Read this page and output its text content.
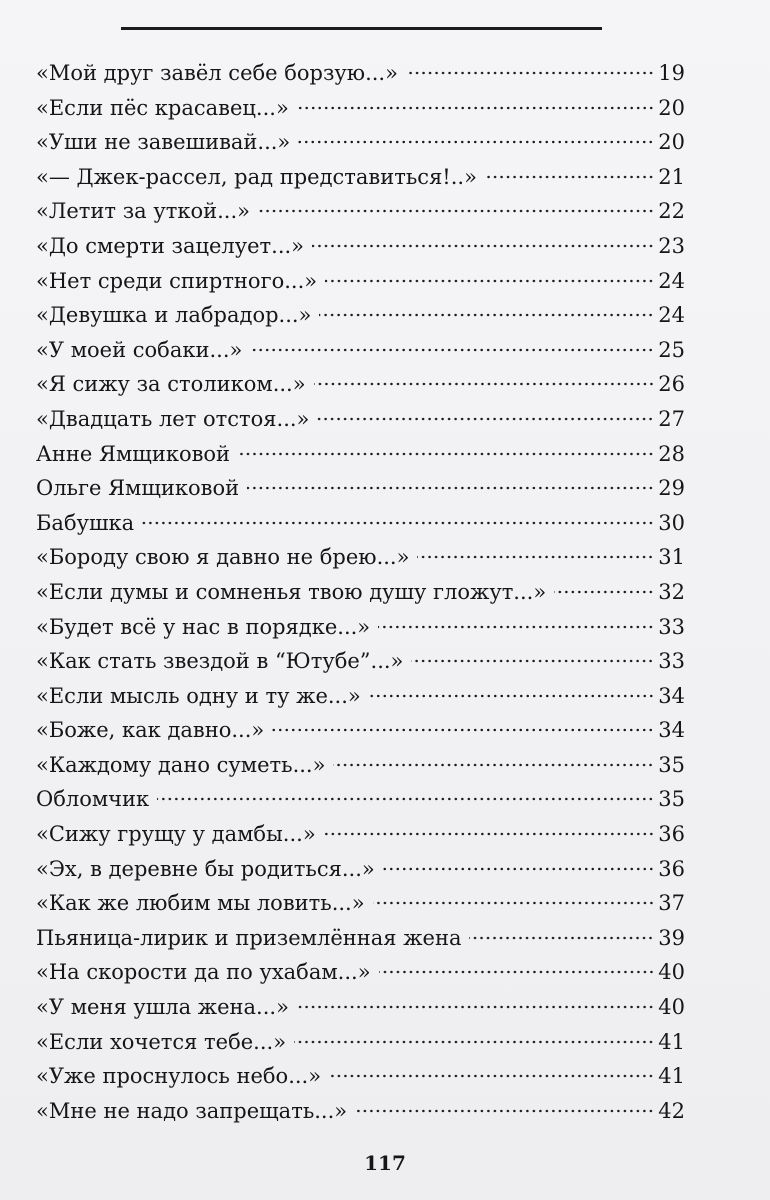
«Мой друг завёл себе борзую...»	19
«Если пёс красавец...»	20
«Уши не завешивай...»	20
«— Джек-рассел, рад представиться!..»	21
«Летит за уткой...»	22
«До смерти зацелует...»	23
«Нет среди спиртного...»	24
«Девушка и лабрадор...»	24
«У моей собаки...»	25
«Я сижу за столиком...»	26
«Двадцать лет отстоя...»	27
Анне Ямщиковой	28
Ольге Ямщиковой	29
Бабушка	30
«Бороду свою я давно не брею...»	31
«Если думы и сомненья твою душу гложут...»	32
«Будет всё у нас в порядке...»	33
«Как стать звездой в “Ютубе”...»	33
«Если мысль одну и ту же...»	34
«Боже, как давно...»	34
«Каждому дано суметь...»	35
Обломчик	35
«Сижу грущу у дамбы...»	36
«Эх, в деревне бы родиться...»	36
«Как же любим мы ловить...»	37
Пьяница-лирик и приземлённая жена	39
«На скорости да по ухабам...»	40
«У меня ушла жена...»	40
«Если хочется тебе...»	41
«Уже проснулось небо...»	41
«Мне не надо запрещать...»	42
117
